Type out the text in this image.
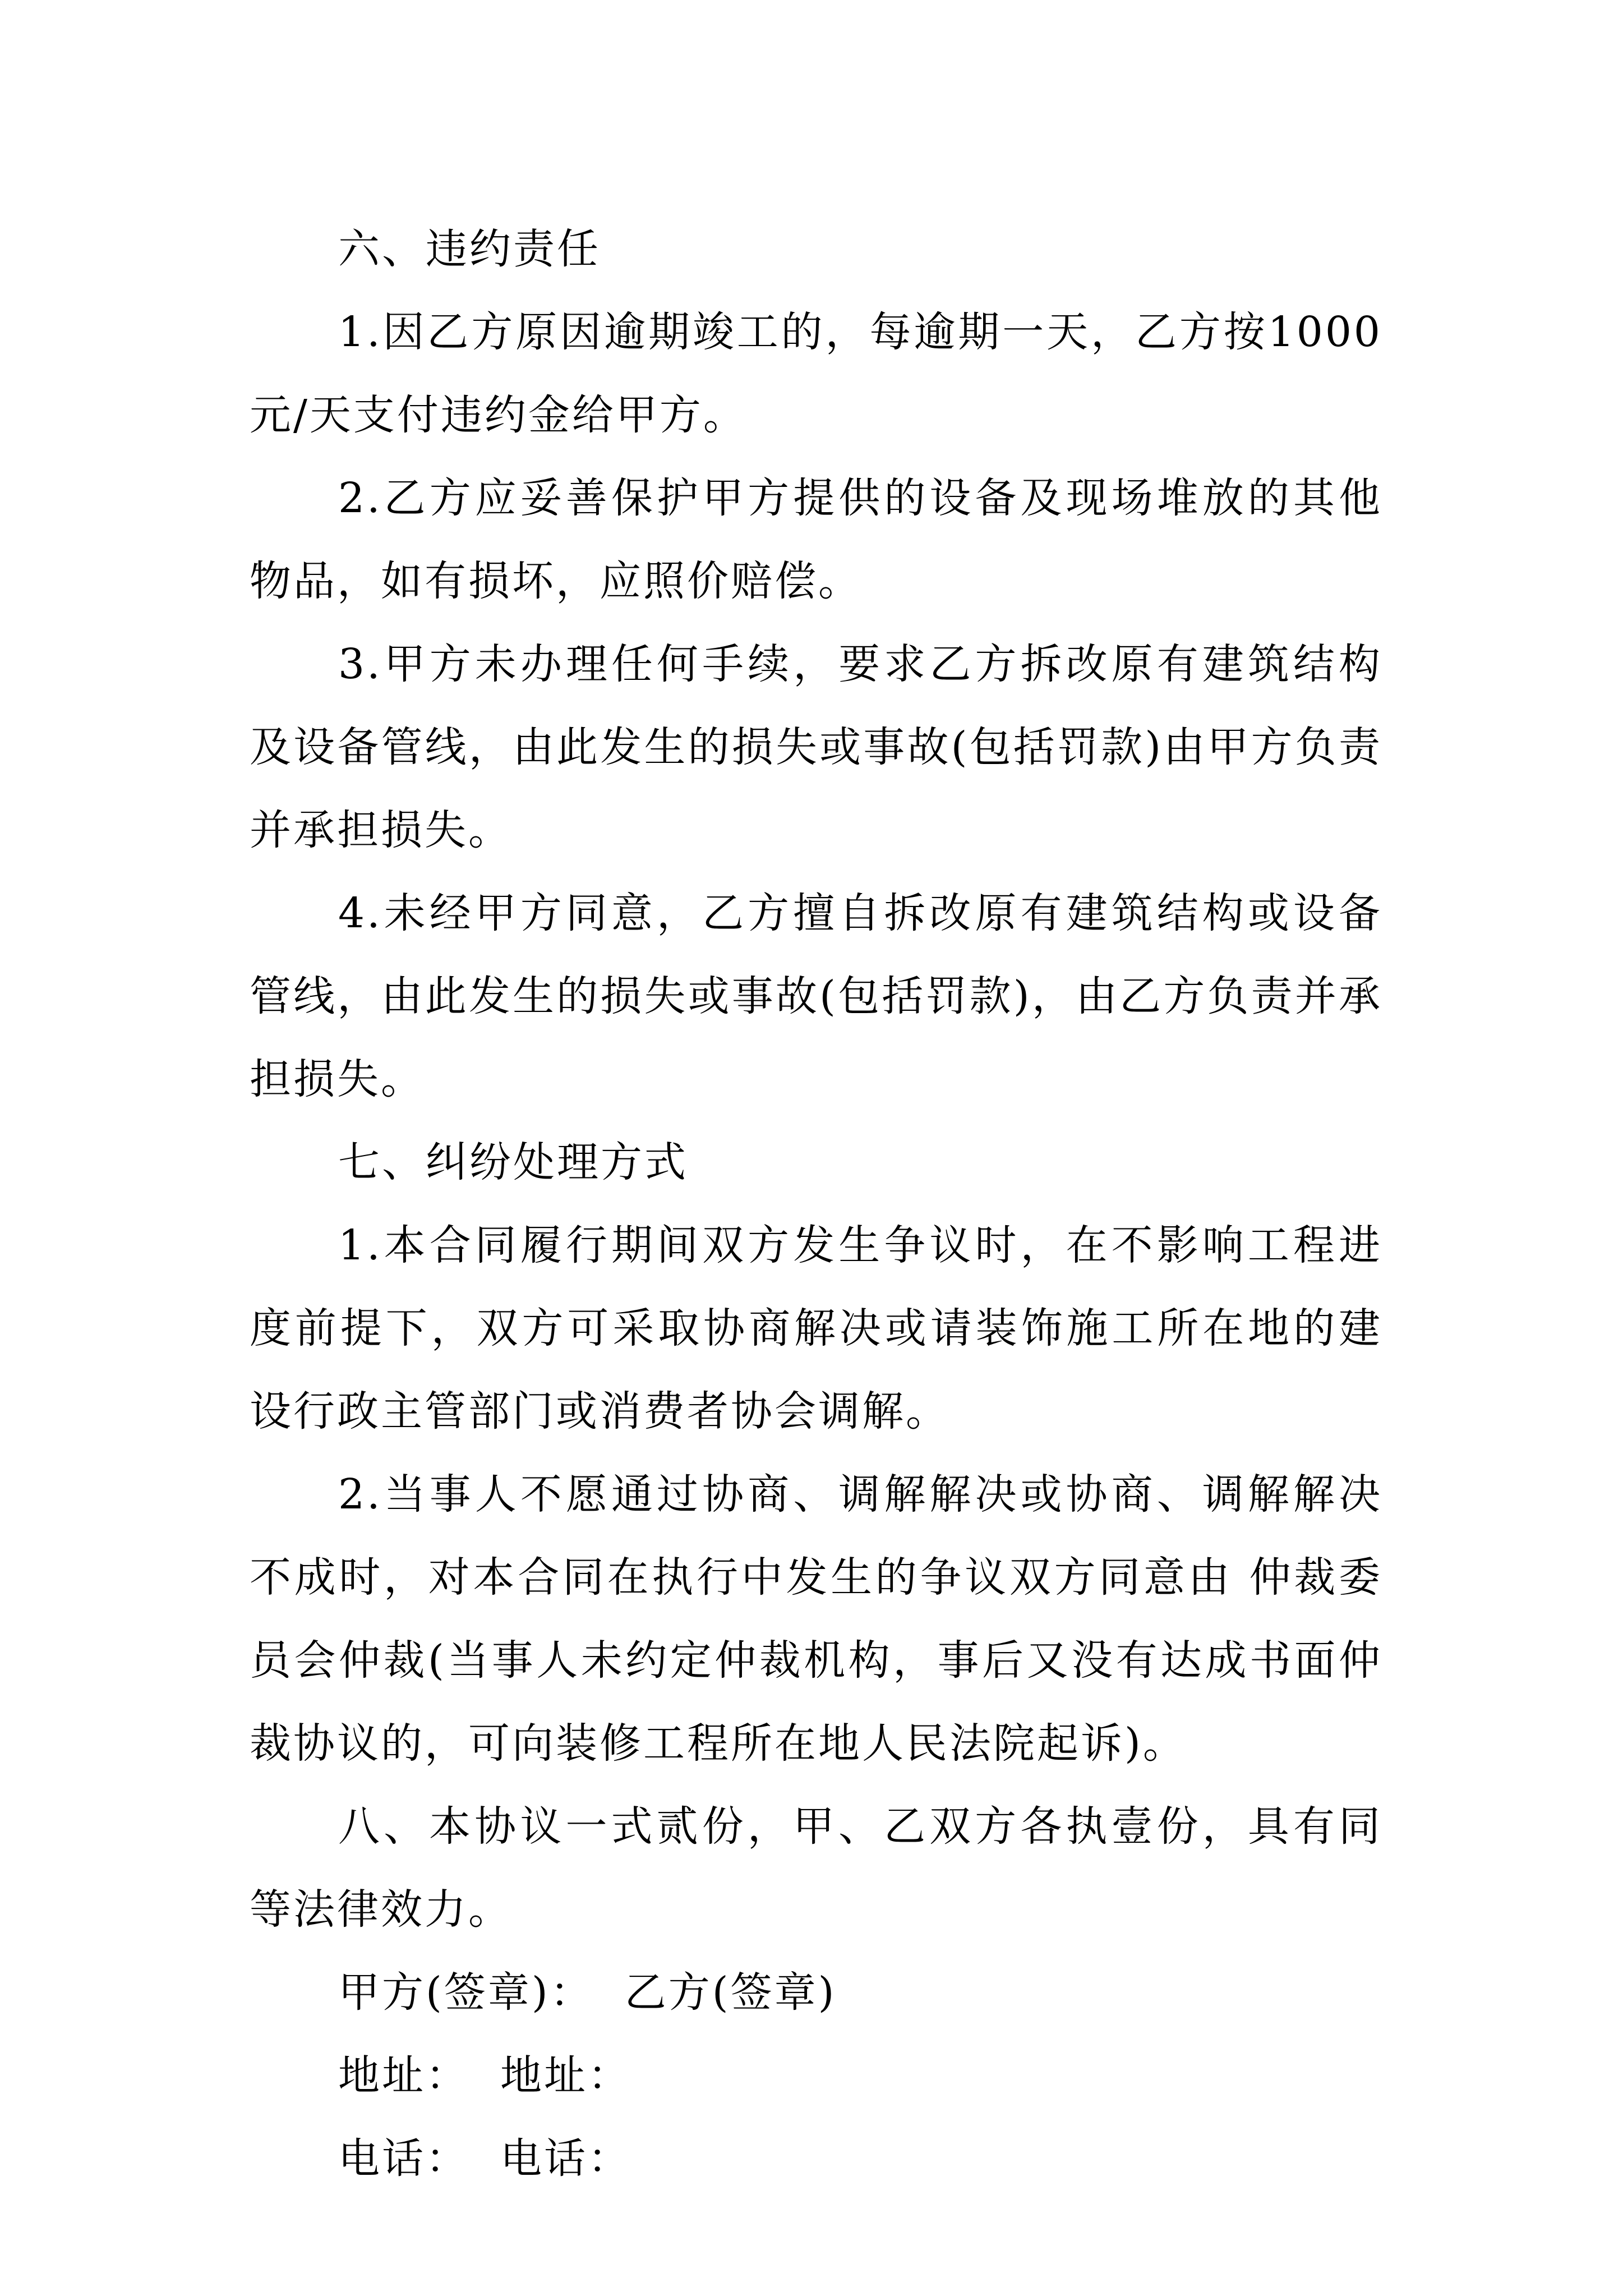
六、违约责任

1.因乙方原因逾期竣工的，每逾期一天，乙方按1000元/天支付违约金给甲方。

2.乙方应妥善保护甲方提供的设备及现场堆放的其他物品，如有损坏，应照价赔偿。

3.甲方未办理任何手续，要求乙方拆改原有建筑结构及设备管线，由此发生的损失或事故(包括罚款)由甲方负责并承担损失。

4.未经甲方同意，乙方擅自拆改原有建筑结构或设备管线，由此发生的损失或事故(包括罚款)，由乙方负责并承担损失。

七、纠纷处理方式

1.本合同履行期间双方发生争议时，在不影响工程进度前提下，双方可采取协商解决或请装饰施工所在地的建设行政主管部门或消费者协会调解。

2.当事人不愿通过协商、调解解决或协商、调解解决不成时，对本合同在执行中发生的争议双方同意由 仲裁委员会仲裁(当事人未约定仲裁机构，事后又没有达成书面仲裁协议的，可向装修工程所在地人民法院起诉)。

八、本协议一式贰份，甲、乙双方各执壹份，具有同等法律效力。

甲方(签章)：  乙方(签章)
地址：  地址：
电话：  电话：
